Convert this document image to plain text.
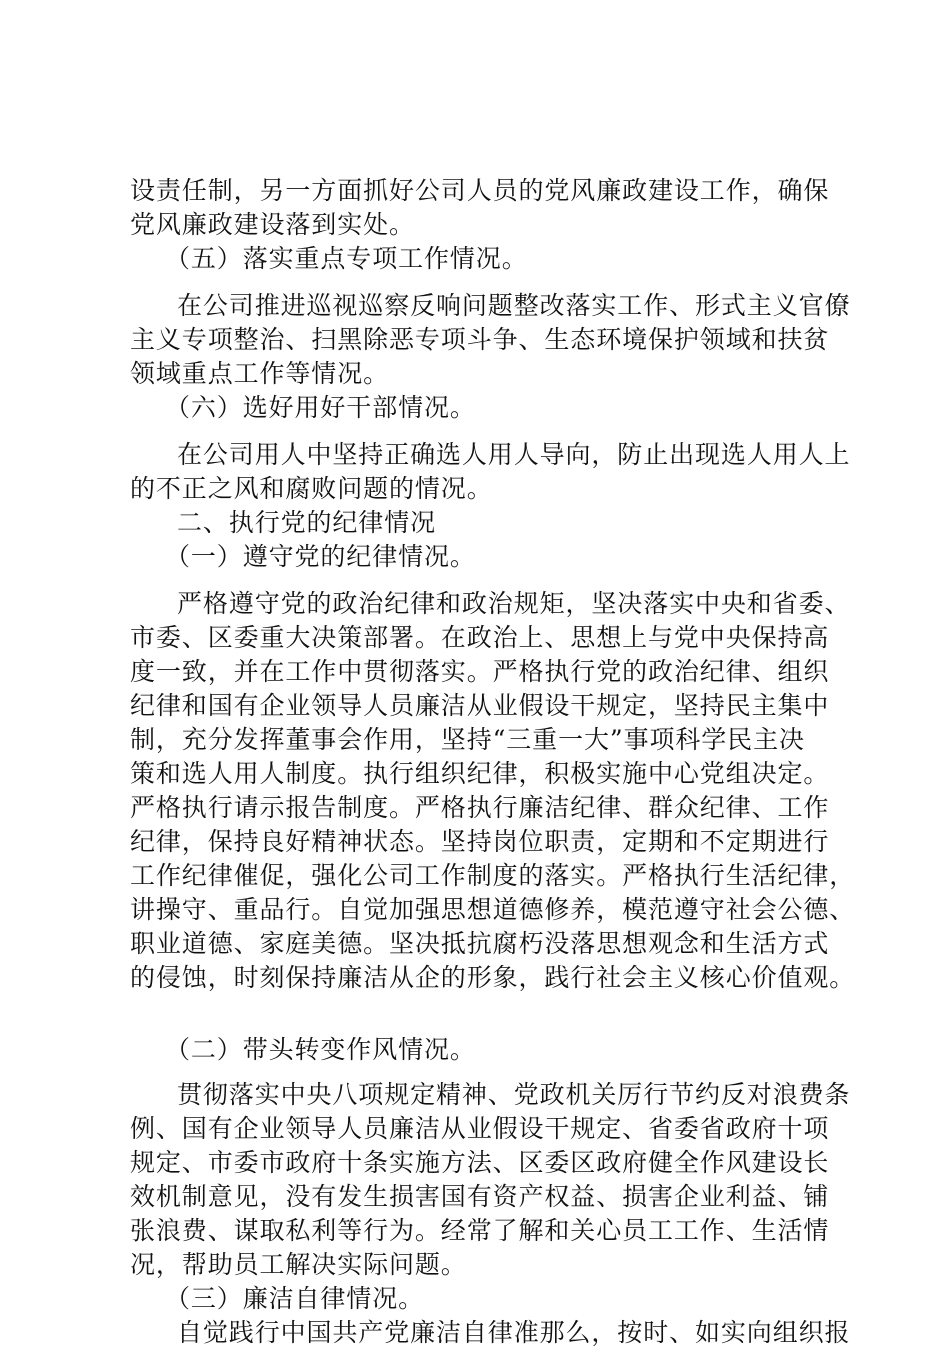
设责任制，另一方面抓好公司人员的党风廉政建设工作，确保
党风廉政建设落到实处。
（五）落实重点专项工作情况。
在公司推进巡视巡察反响问题整改落实工作、形式主义官僚
主义专项整治、扫黑除恶专项斗争、生态环境保护领域和扶贫
领域重点工作等情况。
（六）选好用好干部情况。
在公司用人中坚持正确选人用人导向，防止出现选人用人上
的不正之风和腐败问题的情况。
二、执行党的纪律情况
（一）遵守党的纪律情况。
严格遵守党的政治纪律和政治规矩，坚决落实中央和省委、
市委、区委重大决策部署。在政治上、思想上与党中央保持高
度一致，并在工作中贯彻落实。严格执行党的政治纪律、组织
纪律和国有企业领导人员廉洁从业假设干规定，坚持民主集中
制，充分发挥董事会作用，坚持“三重一大”事项科学民主决
策和选人用人制度。执行组织纪律，积极实施中心党组决定。
严格执行请示报告制度。严格执行廉洁纪律、群众纪律、工作
纪律，保持良好精神状态。坚持岗位职责，定期和不定期进行
工作纪律催促，强化公司工作制度的落实。严格执行生活纪律，
讲操守、重品行。自觉加强思想道德修养，模范遵守社会公德、
职业道德、家庭美德。坚决抵抗腐朽没落思想观念和生活方式
的侵蚀，时刻保持廉洁从企的形象，践行社会主义核心价值观。
（二）带头转变作风情况。
贯彻落实中央八项规定精神、党政机关厉行节约反对浪费条
例、国有企业领导人员廉洁从业假设干规定、省委省政府十项
规定、市委市政府十条实施方法、区委区政府健全作风建设长
效机制意见，没有发生损害国有资产权益、损害企业利益、铺
张浪费、谋取私利等行为。经常了解和关心员工工作、生活情
况，帮助员工解决实际问题。
（三）廉洁自律情况。
自觉践行中国共产党廉洁自律准那么，按时、如实向组织报
